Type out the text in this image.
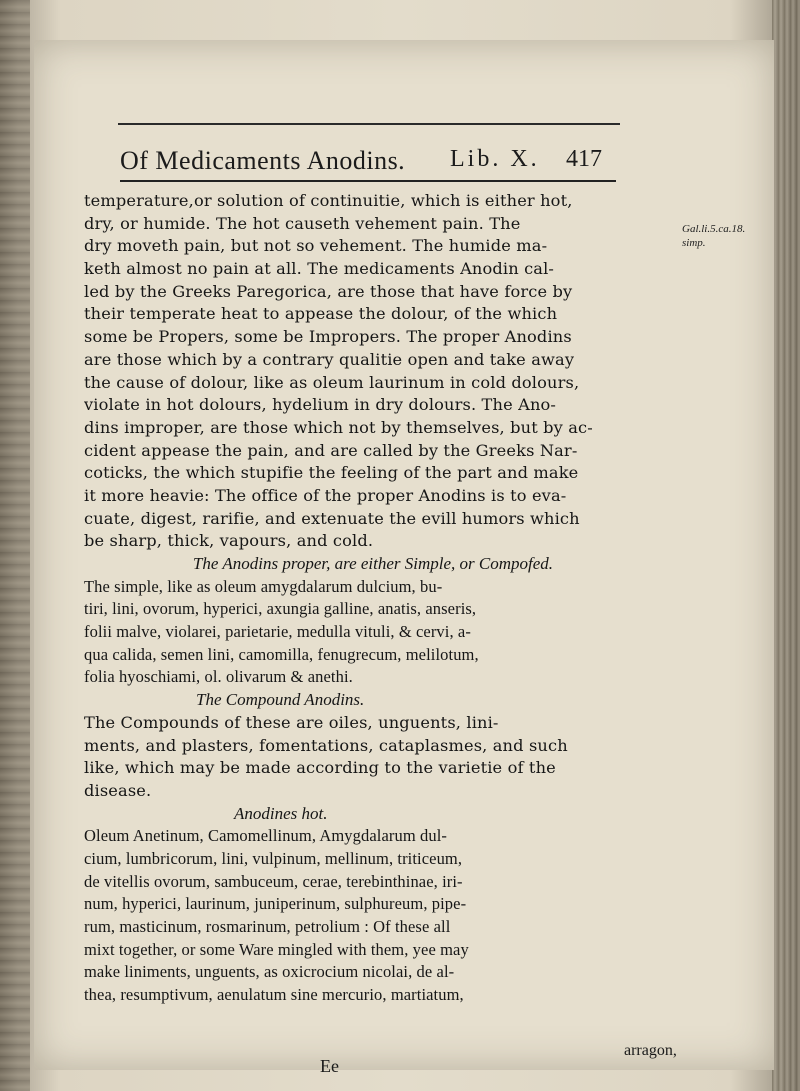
Of Medicaments Anodins. Lib. X. 417
Gal.li.5.ca.18. simp.
temperature,or solution of continuitie, which is either hot,
dry, or humide. The hot causeth vehement pain. The
dry moveth pain, but not so vehement. The humide ma-
keth almost no pain at all. The medicaments Anodin cal-
led by the Greeks Paregorica, are those that have force by
their temperate heat to appease the dolour, of the which
some be Propers, some be Impropers. The proper Anodins
are those which by a contrary qualitie open and take away
the cause of dolour, like as oleum laurinum in cold dolours,
violate in hot dolours, hydelium in dry dolours. The Ano-
dins improper, are those which not by themselves, but by ac-
cident appease the pain, and are called by the Greeks Nar-
coticks, the which stupifie the feeling of the part and make
it more heavie: The office of the proper Anodins is to eva-
cuate, digest, rarifie, and extenuate the evill humors which
be sharp, thick, vapours, and cold.
The Anodins proper, are either Simple, or Compofed.
The simple, like as oleum amygdalarum dulcium, bu-
tiri, lini, ovorum, hyperici, axungia galline, anatis, anseris,
folii malve, violarei, parietarie, medulla vituli, & cervi, a-
qua calida, semen lini, camomilla, fenugrecum, melilotum,
folia hyoschiami, ol. olivarum & anethi.
The Compound Anodins.
The Compounds of these are oiles, unguents, lini-
ments, and plasters, fomentations, cataplasmes, and such
like, which may be made according to the varietie of the
disease.
Anodines hot.
Oleum Anetinum, Camomellinum, Amygdalarum dul-
cium, lumbricorum, lini, vulpinum, mellinum, triticeum,
de vitellis ovorum, sambuceum, cerae, terebinthinae, iri-
num, hyperici, laurinum, juniperinum, sulphureum, pipe-
rum, masticinum, rosmarinum, petrolium : Of these all
mixt together, or some Ware mingled with them, yee may
make liniments, unguents, as oxicrocium nicolai, de al-
thea, resumptivum, aenulatum sine mercurio, martiatum,
Ee
arragon,
